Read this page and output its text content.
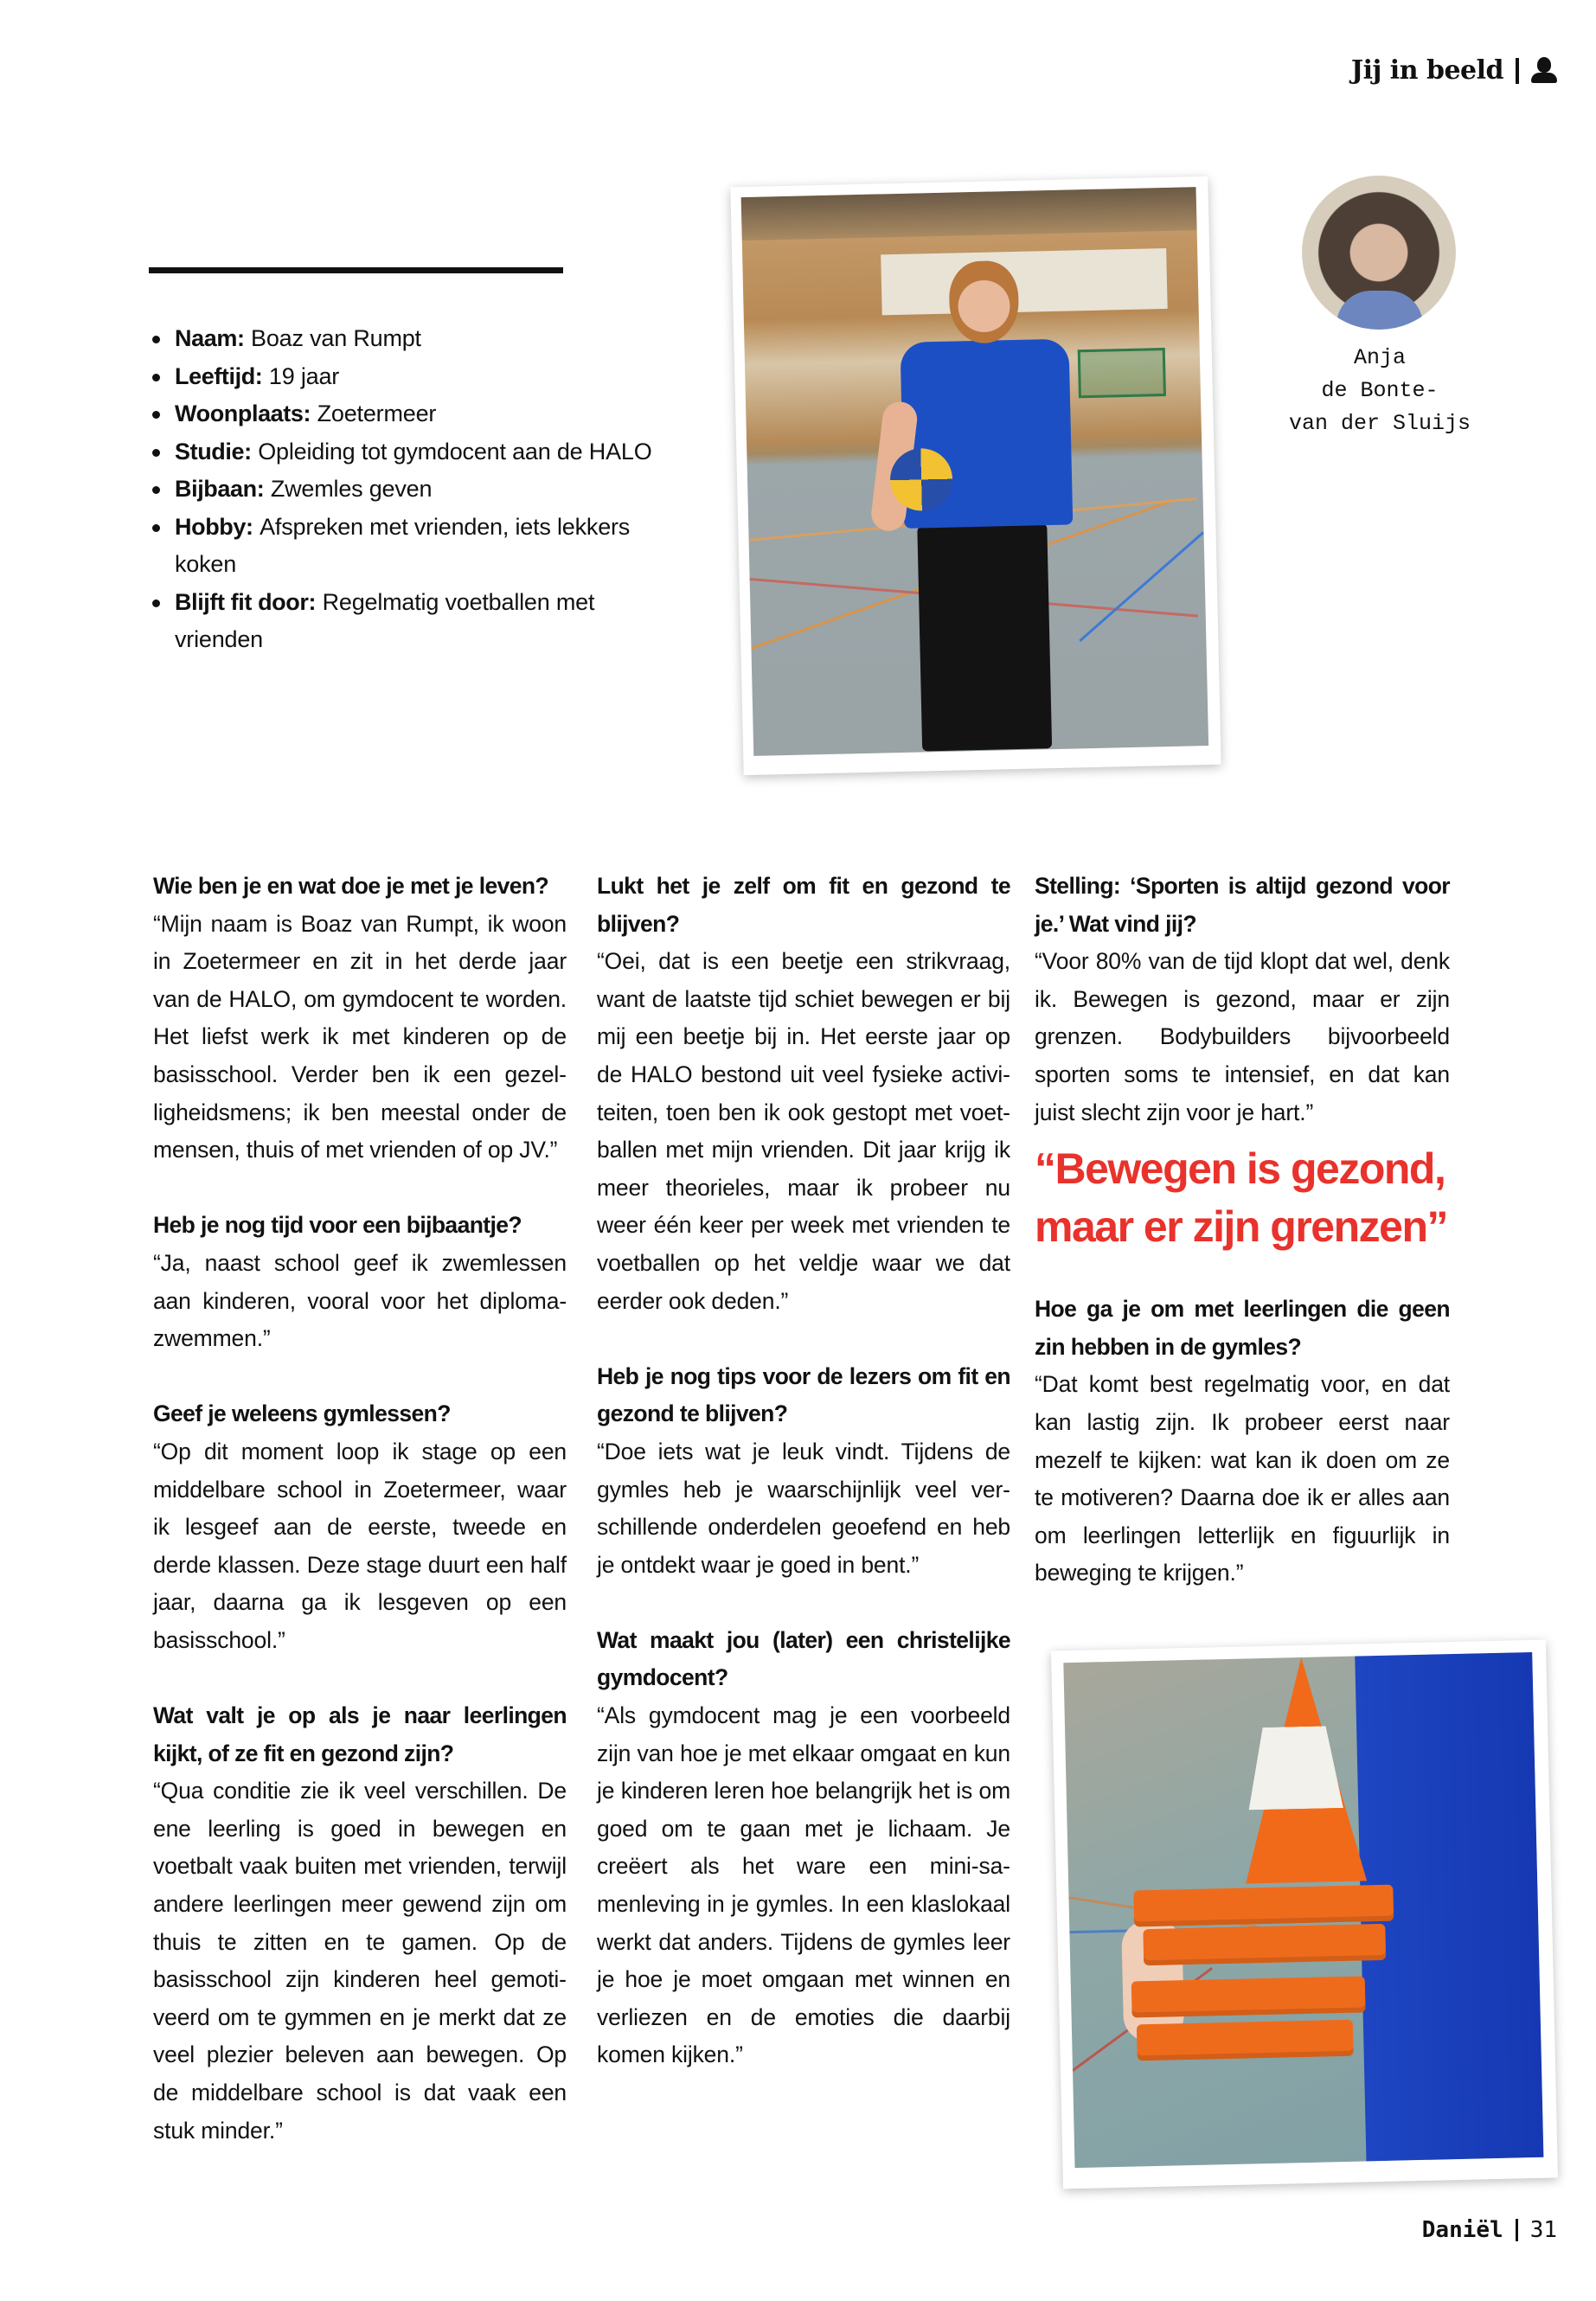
Jij in beeld
Naam: Boaz van Rumpt
Leeftijd: 19 jaar
Woonplaats: Zoetermeer
Studie: Opleiding tot gymdocent aan de HALO
Bijbaan: Zwemles geven
Hobby: Afspreken met vrienden, iets lekkers koken
Blijft fit door: Regelmatig voetballen met vrienden
Anja
de Bonte-
van der Sluijs

Wie ben je en wat doe je met je leven?

“Mijn naam is Boaz van Rumpt, ik woon in Zoetermeer en zit in het derde jaar van de HALO, om gymdocent te worden. Het liefst werk ik met kinderen op de basisschool. Verder ben ik een gezelligheidsmens; ik ben meestal onder de mensen, thuis of met vrienden of op JV.”

Heb je nog tijd voor een bijbaantje?

“Ja, naast school geef ik zwemlessen aan kinderen, vooral voor het diploma-zwemmen.”

Geef je weleens gymlessen?

“Op dit moment loop ik stage op een middelbare school in Zoetermeer, waar ik lesgeef aan de eerste, tweede en derde klassen. Deze stage duurt een half jaar, daarna ga ik lesgeven op een basisschool.”

Wat valt je op als je naar leerlingen kijkt, of ze fit en gezond zijn?

“Qua conditie zie ik veel verschillen. De ene leerling is goed in bewegen en voetbalt vaak buiten met vrienden, terwijl andere leerlingen meer gewend zijn om thuis te zitten en te gamen. Op de basisschool zijn kinderen heel gemotiveerd om te gymmen en je merkt dat ze veel plezier beleven aan bewegen. Op de middelbare school is dat vaak een stuk minder.”

Lukt het je zelf om fit en gezond te blijven?

“Oei, dat is een beetje een strikvraag, want de laatste tijd schiet bewegen er bij mij een beetje bij in. Het eerste jaar op de HALO bestond uit veel fysieke activiteiten, toen ben ik ook gestopt met voetballen met mijn vrienden. Dit jaar krijg ik meer theorieles, maar ik probeer nu weer één keer per week met vrienden te voetballen op het veldje waar we dat eerder ook deden.”

Heb je nog tips voor de lezers om fit en gezond te blijven?

“Doe iets wat je leuk vindt. Tijdens de gymles heb je waarschijnlijk veel verschillende onderdelen geoefend en heb je ontdekt waar je goed in bent.”

Wat maakt jou (later) een christelijke gymdocent?

“Als gymdocent mag je een voorbeeld zijn van hoe je met elkaar omgaat en kun je kinderen leren hoe belangrijk het is om goed om te gaan met je lichaam. Je creëert als het ware een mini-samenleving in je gymles. In een klaslokaal werkt dat anders. Tijdens de gymles leer je hoe je moet omgaan met winnen en verliezen en de emoties die daarbij komen kijken.”

Stelling: ‘Sporten is altijd gezond voor je.’ Wat vind jij?

“Voor 80% van de tijd klopt dat wel, denk ik. Bewegen is gezond, maar er zijn grenzen. Bodybuilders bijvoorbeeld sporten soms te intensief, en dat kan juist slecht zijn voor je hart.”

“Bewegen is gezond,
maar er zijn grenzen”

Hoe ga je om met leerlingen die geen zin hebben in de gymles?

“Dat komt best regelmatig voor, en dat kan lastig zijn. Ik probeer eerst naar mezelf te kijken: wat kan ik doen om ze te motiveren? Daarna doe ik er alles aan om leerlingen letterlijk en figuurlijk in beweging te krijgen.”

Daniël 31
